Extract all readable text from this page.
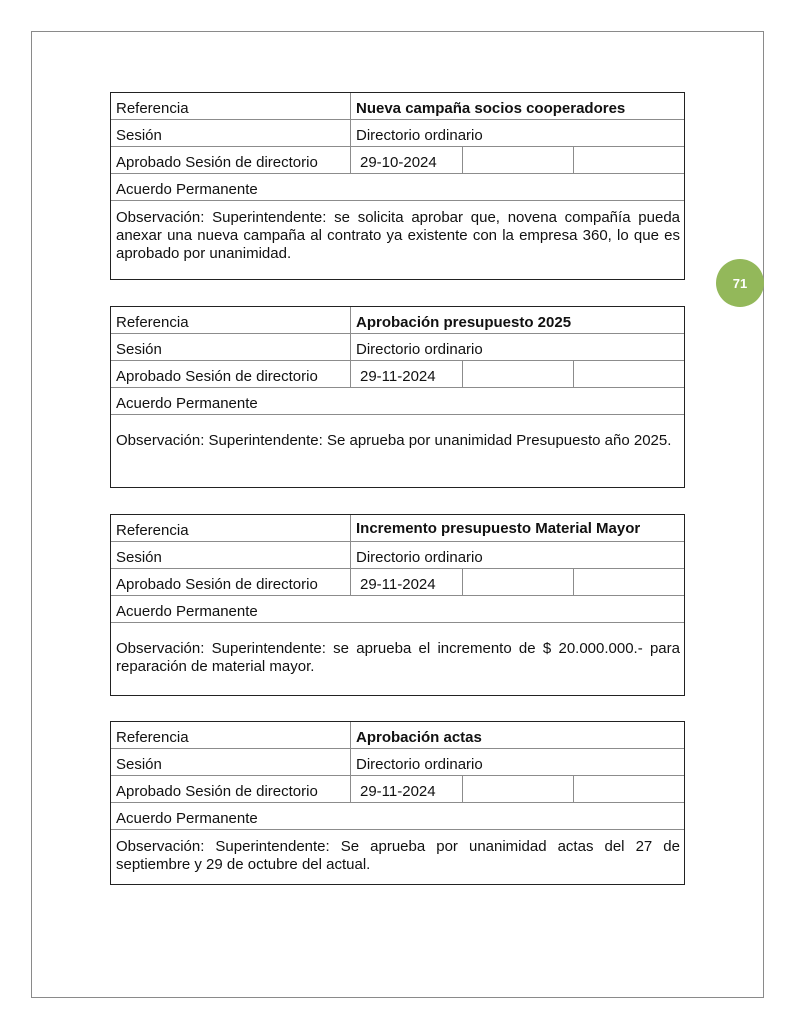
71
Referencia	Nueva campaña socios cooperadores
Sesión	Directorio ordinario
Aprobado Sesión de directorio	29-10-2024
Acuerdo Permanente
Observación: Superintendente: se solicita aprobar que, novena compañía pueda anexar una nueva campaña al contrato ya existente con la empresa 360, lo que es aprobado por unanimidad.
Referencia	Aprobación presupuesto 2025
Sesión	Directorio ordinario
Aprobado Sesión de directorio	29-11-2024
Acuerdo Permanente
Observación: Superintendente: Se aprueba por unanimidad Presupuesto año 2025.
Referencia	Incremento presupuesto Material Mayor
Sesión	Directorio ordinario
Aprobado Sesión de directorio	29-11-2024
Acuerdo Permanente
Observación: Superintendente: se aprueba el incremento de $ 20.000.000.- para reparación de material mayor.
Referencia	Aprobación actas
Sesión	Directorio ordinario
Aprobado Sesión de directorio	29-11-2024
Acuerdo Permanente
Observación: Superintendente: Se aprueba por unanimidad actas del 27 de septiembre y 29 de octubre del actual.
